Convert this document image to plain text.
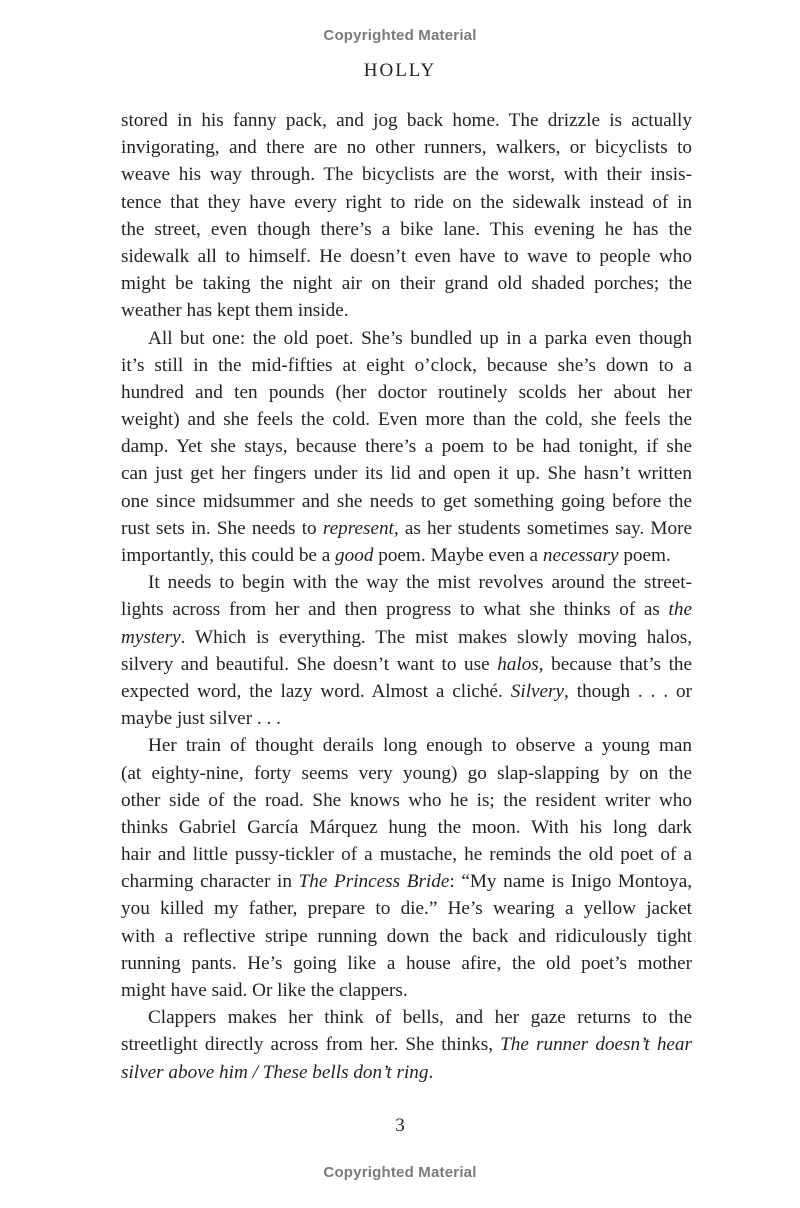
Copyrighted Material
HOLLY
stored in his fanny pack, and jog back home. The drizzle is actually
invigorating, and there are no other runners, walkers, or bicyclists to
weave his way through. The bicyclists are the worst, with their insis-
tence that they have every right to ride on the sidewalk instead of in
the street, even though there’s a bike lane. This evening he has the
sidewalk all to himself. He doesn’t even have to wave to people who
might be taking the night air on their grand old shaded porches; the
weather has kept them inside.
All but one: the old poet. She’s bundled up in a parka even though
it’s still in the mid-fifties at eight o’clock, because she’s down to a
hundred and ten pounds (her doctor routinely scolds her about her
weight) and she feels the cold. Even more than the cold, she feels the
damp. Yet she stays, because there’s a poem to be had tonight, if she
can just get her fingers under its lid and open it up. She hasn’t written
one since midsummer and she needs to get something going before the
rust sets in. She needs to represent, as her students sometimes say. More
importantly, this could be a good poem. Maybe even a necessary poem.
It needs to begin with the way the mist revolves around the street-
lights across from her and then progress to what she thinks of as the
mystery. Which is everything. The mist makes slowly moving halos,
silvery and beautiful. She doesn’t want to use halos, because that’s the
expected word, the lazy word. Almost a cliché. Silvery, though . . . or
maybe just silver . . .
Her train of thought derails long enough to observe a young man
(at eighty-nine, forty seems very young) go slap-slapping by on the
other side of the road. She knows who he is; the resident writer who
thinks Gabriel García Márquez hung the moon. With his long dark
hair and little pussy-tickler of a mustache, he reminds the old poet of a
charming character in The Princess Bride: “My name is Inigo Montoya,
you killed my father, prepare to die.” He’s wearing a yellow jacket
with a reflective stripe running down the back and ridiculously tight
running pants. He’s going like a house afire, the old poet’s mother
might have said. Or like the clappers.
Clappers makes her think of bells, and her gaze returns to the
streetlight directly across from her. She thinks, The runner doesn’t hear
silver above him / These bells don’t ring.
3
Copyrighted Material
